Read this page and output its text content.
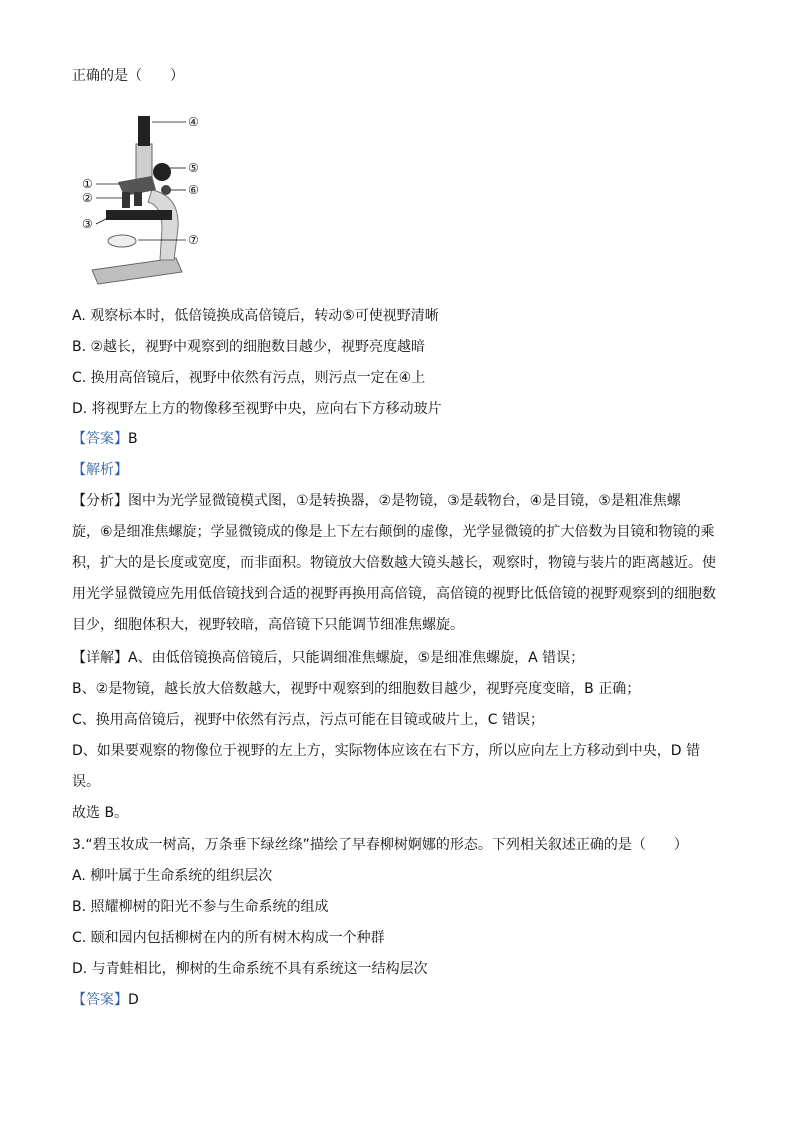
正确的是（　　）
④
⑤
⑥
⑦
①
②
③
A. 观察标本时，低倍镜换成高倍镜后，转动⑤可使视野清晰
B. ②越长，视野中观察到的细胞数目越少，视野亮度越暗
C. 换用高倍镜后，视野中依然有污点，则污点一定在④上
D. 将视野左上方的物像移至视野中央，应向右下方移动玻片
【答案】B
【解析】
【分析】图中为光学显微镜模式图，①是转换器，②是物镜，③是载物台，④是目镜，⑤是粗准焦螺
旋，⑥是细准焦螺旋；学显微镜成的像是上下左右颠倒的虚像，光学显微镜的扩大倍数为目镜和物镜的乘
积，扩大的是长度或宽度，而非面积。物镜放大倍数越大镜头越长，观察时，物镜与装片的距离越近。使
用光学显微镜应先用低倍镜找到合适的视野再换用高倍镜，高倍镜的视野比低倍镜的视野观察到的细胞数
目少，细胞体积大，视野较暗，高倍镜下只能调节细准焦螺旋。
【详解】A、由低倍镜换高倍镜后，只能调细准焦螺旋，⑤是细准焦螺旋，A 错误；
B、②是物镜，越长放大倍数越大，视野中观察到的细胞数目越少，视野亮度变暗，B 正确；
C、换用高倍镜后，视野中依然有污点，污点可能在目镜或破片上，C 错误；
D、如果要观察的物像位于视野的左上方，实际物体应该在右下方，所以应向左上方移动到中央，D 错
误。
故选 B。
3.“碧玉妆成一树高，万条垂下绿丝绦”描绘了早春柳树婀娜的形态。下列相关叙述正确的是（　　）
A. 柳叶属于生命系统的组织层次
B. 照耀柳树的阳光不参与生命系统的组成
C. 颐和园内包括柳树在内的所有树木构成一个种群
D. 与青蛙相比，柳树的生命系统不具有系统这一结构层次
【答案】D
